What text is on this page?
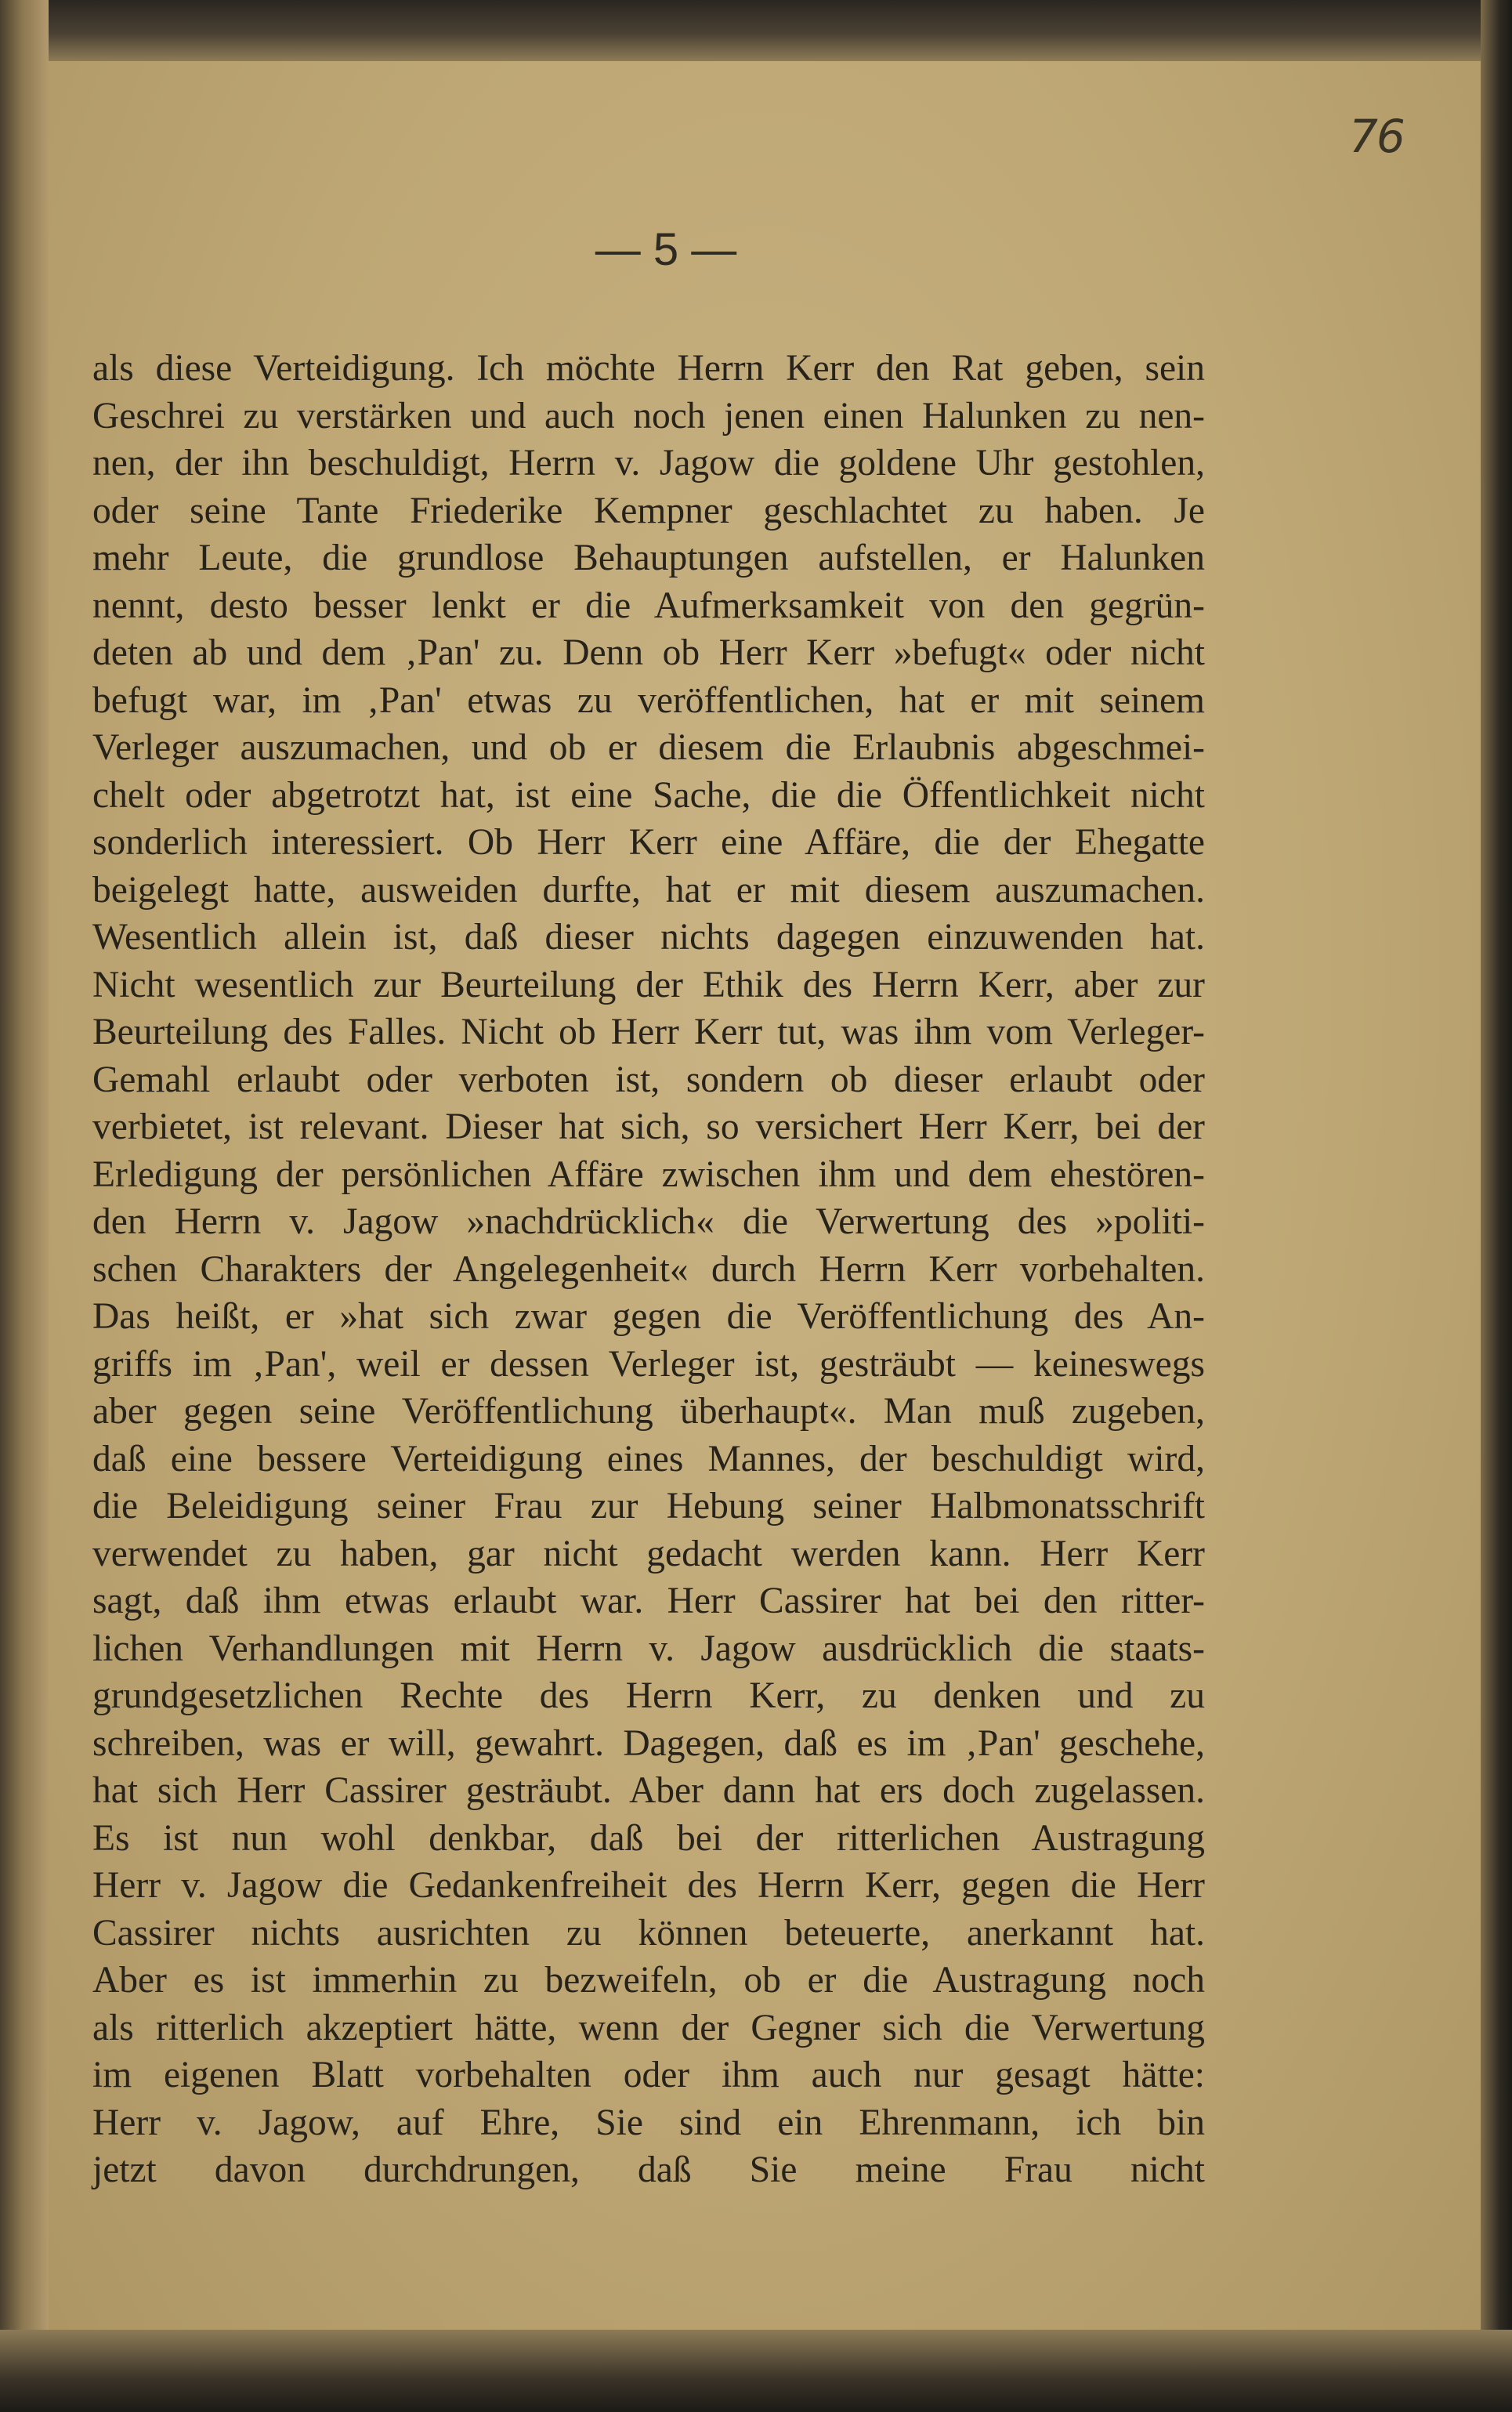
76
— 5 —
als diese Verteidigung. Ich möchte Herrn Kerr den Rat geben, sein
Geschrei zu verstärken und auch noch jenen einen Halunken zu nen-
nen, der ihn beschuldigt, Herrn v. Jagow die goldene Uhr gestohlen,
oder seine Tante Friederike Kempner geschlachtet zu haben. Je
mehr Leute, die grundlose Behauptungen aufstellen, er Halunken
nennt, desto besser lenkt er die Aufmerksamkeit von den gegrün-
deten ab und dem ‚Pan' zu. Denn ob Herr Kerr »befugt« oder nicht
befugt war, im ‚Pan' etwas zu veröffentlichen, hat er mit seinem
Verleger auszumachen, und ob er diesem die Erlaubnis abgeschmei-
chelt oder abgetrotzt hat, ist eine Sache, die die Öffentlichkeit nicht
sonderlich interessiert. Ob Herr Kerr eine Affäre, die der Ehegatte
beigelegt hatte, ausweiden durfte, hat er mit diesem auszumachen.
Wesentlich allein ist, daß dieser nichts dagegen einzuwenden hat.
Nicht wesentlich zur Beurteilung der Ethik des Herrn Kerr, aber zur
Beurteilung des Falles. Nicht ob Herr Kerr tut, was ihm vom Verleger-
Gemahl erlaubt oder verboten ist, sondern ob dieser erlaubt oder
verbietet, ist relevant. Dieser hat sich, so versichert Herr Kerr, bei der
Erledigung der persönlichen Affäre zwischen ihm und dem ehestören-
den Herrn v. Jagow »nachdrücklich« die Verwertung des »politi-
schen Charakters der Angelegenheit« durch Herrn Kerr vorbehalten.
Das heißt, er »hat sich zwar gegen die Veröffentlichung des An-
griffs im ‚Pan', weil er dessen Verleger ist, gesträubt — keineswegs
aber gegen seine Veröffentlichung überhaupt«. Man muß zugeben,
daß eine bessere Verteidigung eines Mannes, der beschuldigt wird,
die Beleidigung seiner Frau zur Hebung seiner Halbmonatsschrift
verwendet zu haben, gar nicht gedacht werden kann. Herr Kerr
sagt, daß ihm etwas erlaubt war. Herr Cassirer hat bei den ritter-
lichen Verhandlungen mit Herrn v. Jagow ausdrücklich die staats-
grundgesetzlichen Rechte des Herrn Kerr, zu denken und zu
schreiben, was er will, gewahrt. Dagegen, daß es im ‚Pan' geschehe,
hat sich Herr Cassirer gesträubt. Aber dann hat ers doch zugelassen.
Es ist nun wohl denkbar, daß bei der ritterlichen Austragung
Herr v. Jagow die Gedankenfreiheit des Herrn Kerr, gegen die Herr
Cassirer nichts ausrichten zu können beteuerte, anerkannt hat.
Aber es ist immerhin zu bezweifeln, ob er die Austragung noch
als ritterlich akzeptiert hätte, wenn der Gegner sich die Verwertung
im eigenen Blatt vorbehalten oder ihm auch nur gesagt hätte:
Herr v. Jagow, auf Ehre, Sie sind ein Ehrenmann, ich bin
jetzt davon durchdrungen, daß Sie meine Frau nicht
